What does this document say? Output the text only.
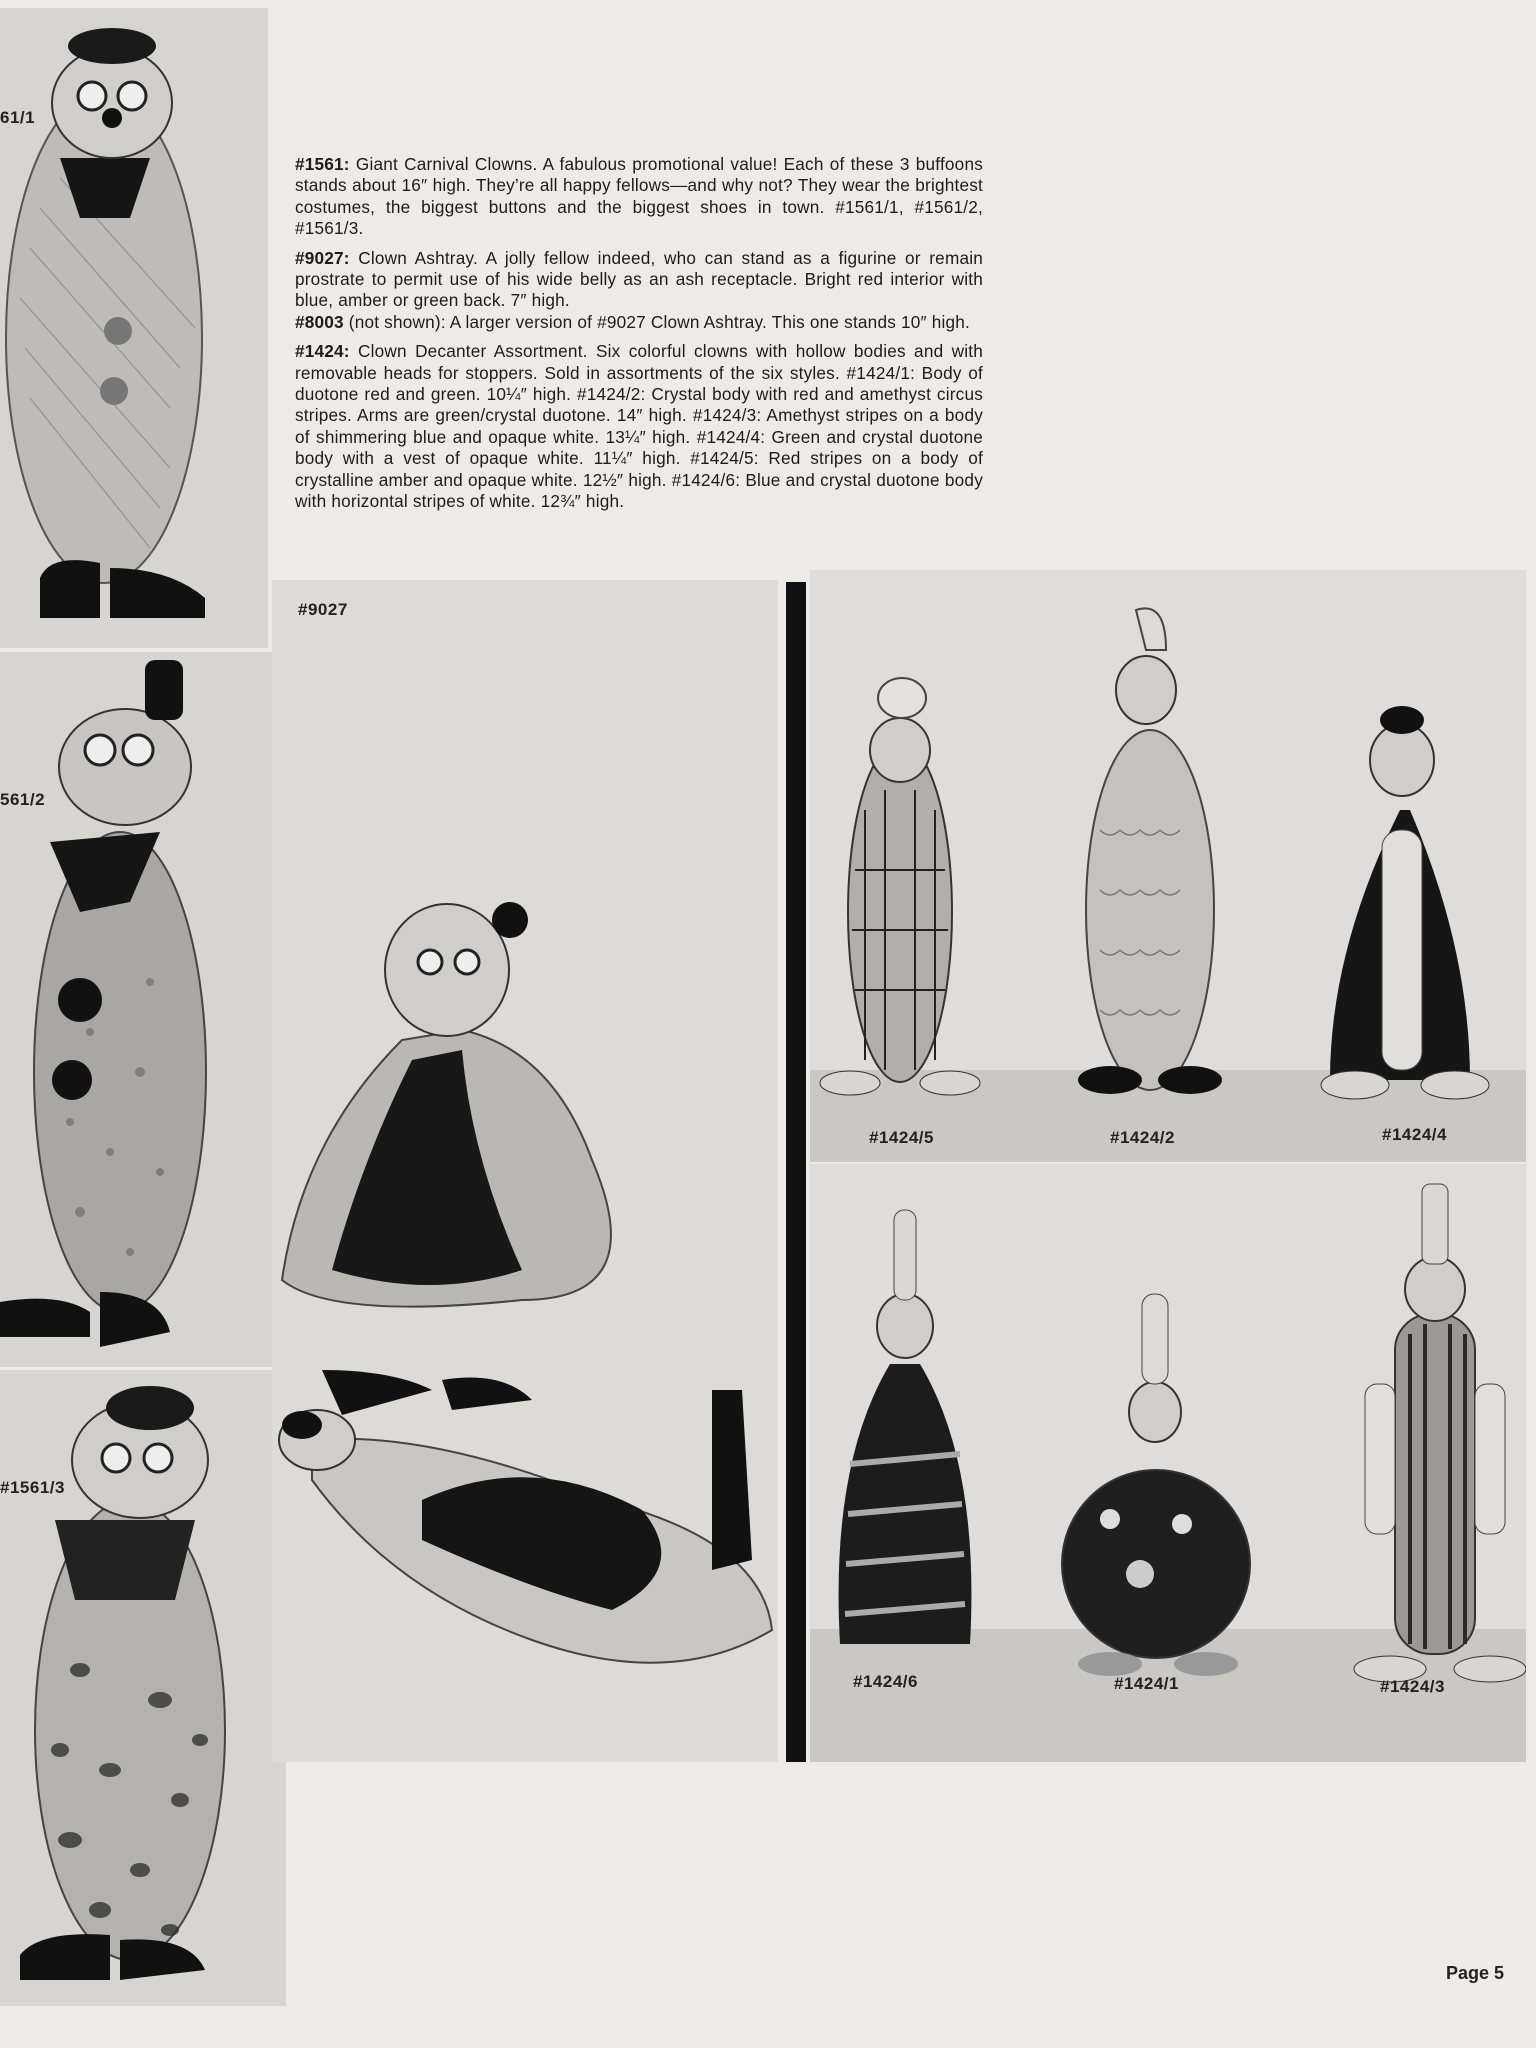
61/1
561/2
#1561/3

#1561: Giant Carnival Clowns. A fabulous promotional value! Each of these 3 buffoons stands about 16″ high. They’re all happy fellows—and why not? They wear the brightest costumes, the biggest buttons and the biggest shoes in town. #1561/1, #1561/2, #1561/3.

#9027: Clown Ashtray. A jolly fellow indeed, who can stand as a figurine or remain prostrate to permit use of his wide belly as an ash receptacle. Bright red interior with blue, amber or green back. 7″ high.

#8003 (not shown): A larger version of #9027 Clown Ashtray. This one stands 10″ high.

#1424: Clown Decanter Assortment. Six colorful clowns with hollow bodies and with removable heads for stoppers. Sold in assortments of the six styles. #1424/1: Body of duotone red and green. 10¼″ high. #1424/2: Crystal body with red and amethyst circus stripes. Arms are green/crystal duotone. 14″ high. #1424/3: Amethyst stripes on a body of shimmering blue and opaque white. 13¼″ high. #1424/4: Green and crystal duotone body with a vest of opaque white. 11¼″ high. #1424/5: Red stripes on a body of crystalline amber and opaque white. 12½″ high. #1424/6: Blue and crystal duotone body with horizontal stripes of white. 12¾″ high.

#9027
#1424/5	#1424/2	#1424/4
#1424/6	#1424/1	#1424/3
Page 5
